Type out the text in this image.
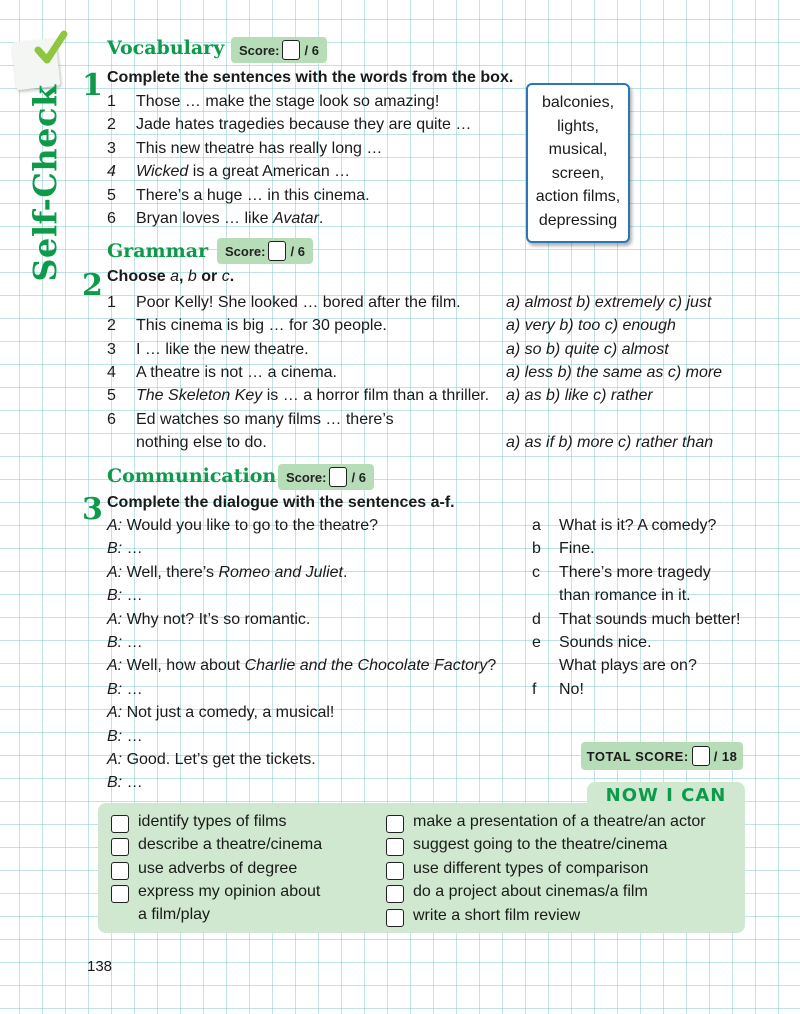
Self-Check
Vocabulary Score: / 6
1 Complete the sentences with the words from the box.
1 Those … make the stage look so amazing!
2 Jade hates tragedies because they are quite …
3 This new theatre has really long …
4 Wicked is a great American …
5 There’s a huge … in this cinema.
6 Bryan loves … like Avatar.
balconies,
lights,
musical,
screen,
action films,
depressing
Grammar Score: / 6
2 Choose a, b or c.
1 Poor Kelly! She looked … bored after the film.	a) almost b) extremely c) just
2 This cinema is big … for 30 people.	a) very b) too c) enough
3 I … like the new theatre.	a) so b) quite c) almost
4 A theatre is not … a cinema.	a) less b) the same as c) more
5 The Skeleton Key is … a horror film than a thriller. a) as b) like c) rather
6 Ed watches so many films … there’s
nothing else to do.	a) as if b) more c) rather than
Communication Score: / 6
3 Complete the dialogue with the sentences a-f.
A: Would you like to go to the theatre?
B: …
A: Well, there’s Romeo and Juliet.
B: …
A: Why not? It’s so romantic.
B: …
A: Well, how about Charlie and the Chocolate Factory?
B: …
A: Not just a comedy, a musical!
B: …
A: Good. Let’s get the tickets.
B: …
a What is it? A comedy?
b Fine.
c There’s more tragedy
than romance in it.
d That sounds much better!
e Sounds nice.
What plays are on?
f No!
TOTAL SCORE: / 18
NOW I CAN
identify types of films
describe a theatre/cinema
use adverbs of degree
express my opinion about
a film/play
make a presentation of a theatre/an actor
suggest going to the theatre/cinema
use different types of comparison
do a project about cinemas/a film
write a short film review
138
